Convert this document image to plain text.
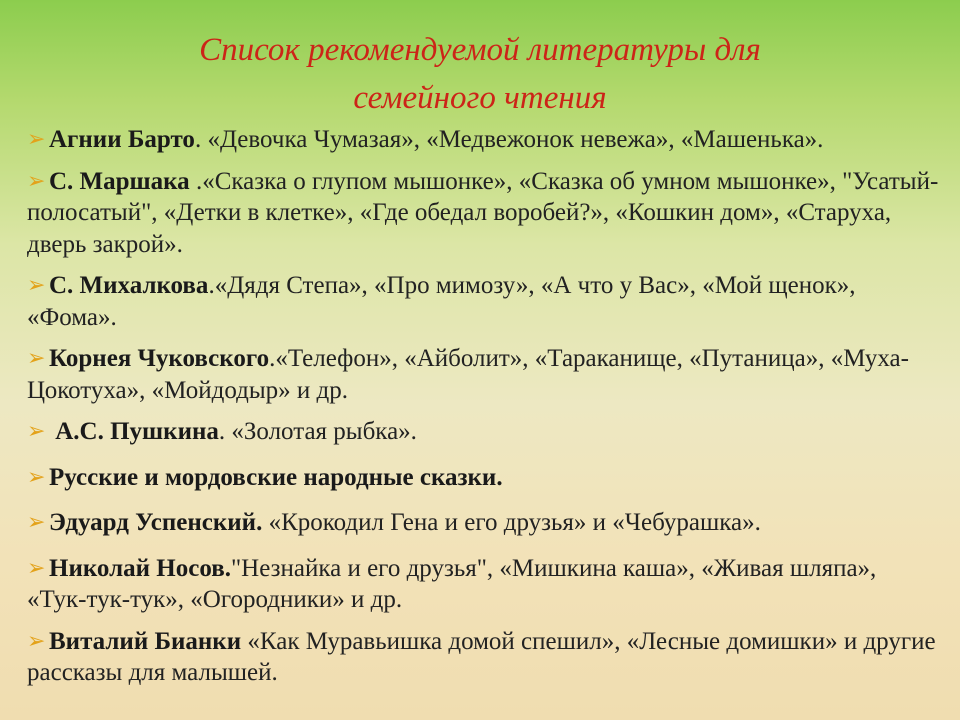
Список рекомендуемой литературы для
семейного чтения
➢ Агнии Барто. «Девочка Чумазая», «Медвежонок невежа», «Машенька».
➢ С. Маршака .«Сказка о глупом мышонке», «Сказка об умном мышонке», "Усатый-полосатый", «Детки в клетке», «Где обедал воробей?», «Кошкин дом», «Старуха, дверь закрой».
➢ С. Михалкова.«Дядя Степа», «Про мимозу», «А что у Вас», «Мой щенок», «Фома».
➢ Корнея Чуковского.«Телефон», «Айболит», «Тараканище, «Путаница», «Муха-Цокотуха», «Мойдодыр» и др.
➢ А.С. Пушкина. «Золотая рыбка».
➢ Русские и мордовские народные сказки.
➢ Эдуард Успенский. «Крокодил Гена и его друзья» и «Чебурашка».
➢ Николай Носов."Незнайка и его друзья", «Мишкина каша», «Живая шляпа», «Тук-тук-тук», «Огородники» и др.
➢ Виталий Бианки «Как Муравьишка домой спешил», «Лесные домишки» и другие рассказы для малышей.
